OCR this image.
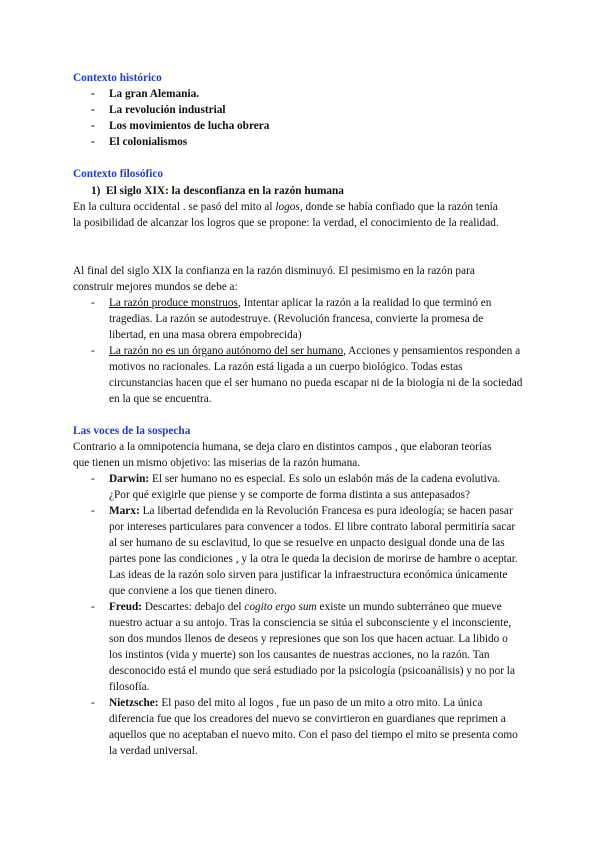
Contexto histórico
- La gran Alemania.
- La revolución industrial
- Los movimientos de lucha obrera
- El colonialismos
Contexto filosófico
1)  El siglo XIX: la desconfianza en la razón humana

En la cultura occidental . se pasó del mito al logos, donde se había confiado que la razón tenía la posibilidad de alcanzar los logros que se propone: la verdad, el conocimiento de la realidad.

Al final del siglo XIX la confianza en la razón disminuyó. El pesimismo en la razón para construir mejores mundos se debe a:

- La razón produce monstruos, Intentar aplicar la razón a la realidad lo que terminó en tragedias. La razón se autodestruye. (Revolución francesa, convierte la promesa de libertad, en una masa obrera empobrecida)
- La razón no es un órgano autónomo del ser humano, Acciones y pensamientos responden a motivos no racionales. La razón está ligada a un cuerpo biológico. Todas estas circunstancias hacen que el ser humano no pueda escapar ni de la biología ni de la sociedad en la que se encuentra.
Las voces de la sospecha

Contrario a la omnipotencia humana, se deja claro en distintos campos , que elaboran teorías que tienen un mismo objetivo: las miserias de la razón humana.

- Darwin: El ser humano no es especial. Es solo un eslabón más de la cadena evolutiva. ¿Por qué exigirle que piense y se comporte de forma distinta a sus antepasados?
- Marx: La libertad defendida en la Revolución Francesa es pura ideología; se hacen pasar por intereses particulares para convencer a todos. El libre contrato laboral permitiría sacar al ser humano de su esclavitud, lo que se resuelve en unpacto desigual donde una de las partes pone las condiciones , y la otra le queda la decision de morirse de hambre o aceptar. Las ideas de la razón solo sirven para justificar la infraestructura económica únicamente que conviene a los que tienen dinero.
- Freud: Descartes: debajo del cogito ergo sum existe un mundo subterráneo que mueve nuestro actuar a su antojo. Tras la consciencia se sitúa el subconsciente y el inconsciente, son dos mundos llenos de deseos y represiones que son los que hacen actuar. La libido o los instintos (vida y muerte) son los causantes de nuestras acciones, no la razón. Tan desconocido está el mundo que será estudiado por la psicología (psicoanálisis) y no por la filosofía.
- Nietzsche: El paso del mito al logos , fue un paso de un mito a otro mito. La única diferencia fue que los creadores del nuevo se convirtieron en guardianes que reprimen a aquellos que no aceptaban el nuevo mito. Con el paso del tiempo el mito se presenta como la verdad universal.
